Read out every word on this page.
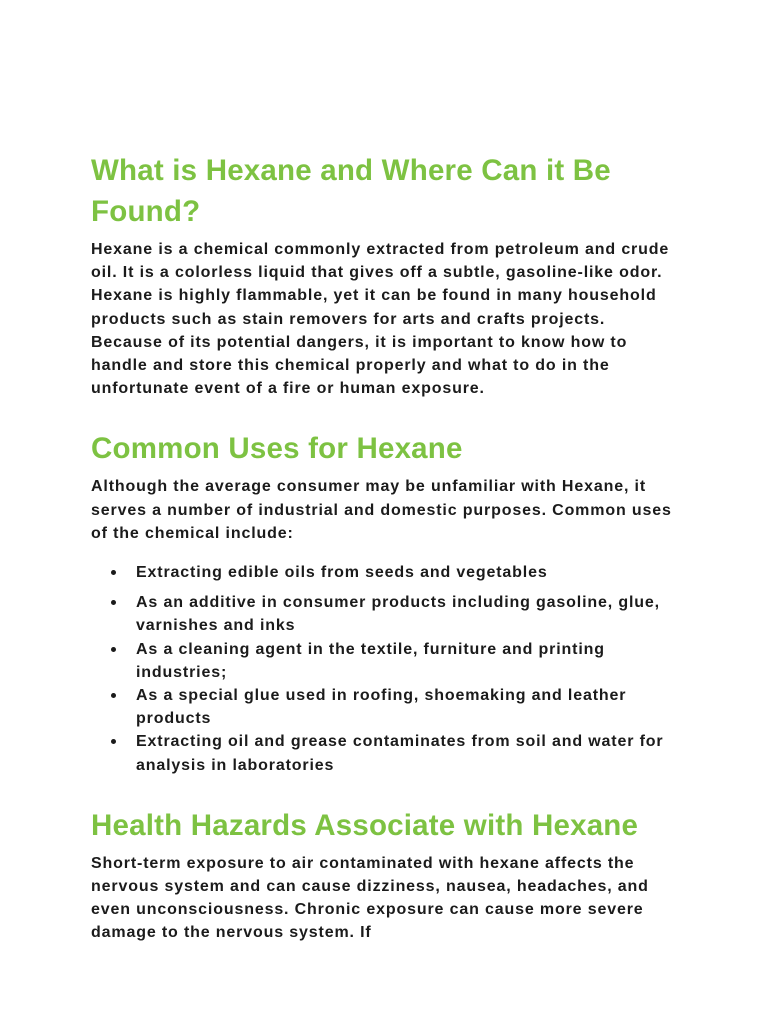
What is Hexane and Where Can it Be Found?

Hexane is a chemical commonly extracted from petroleum and crude oil. It is a colorless liquid that gives off a subtle, gasoline-like odor. Hexane is highly flammable, yet it can be found in many household products such as stain removers for arts and crafts projects. Because of its potential dangers, it is important to know how to handle and store this chemical properly and what to do in the unfortunate event of a fire or human exposure.

Common Uses for Hexane

Although the average consumer may be unfamiliar with Hexane, it serves a number of industrial and domestic purposes. Common uses of the chemical include:

Extracting edible oils from seeds and vegetables
As an additive in consumer products including gasoline, glue, varnishes and inks
As a cleaning agent in the textile, furniture and printing industries;
As a special glue used in roofing, shoemaking and leather products
Extracting oil and grease contaminates from soil and water for analysis in laboratories
Health Hazards Associate with Hexane

Short-term exposure to air contaminated with hexane affects the nervous system and can cause dizziness, nausea, headaches, and even unconsciousness. Chronic exposure can cause more severe damage to the nervous system. If
